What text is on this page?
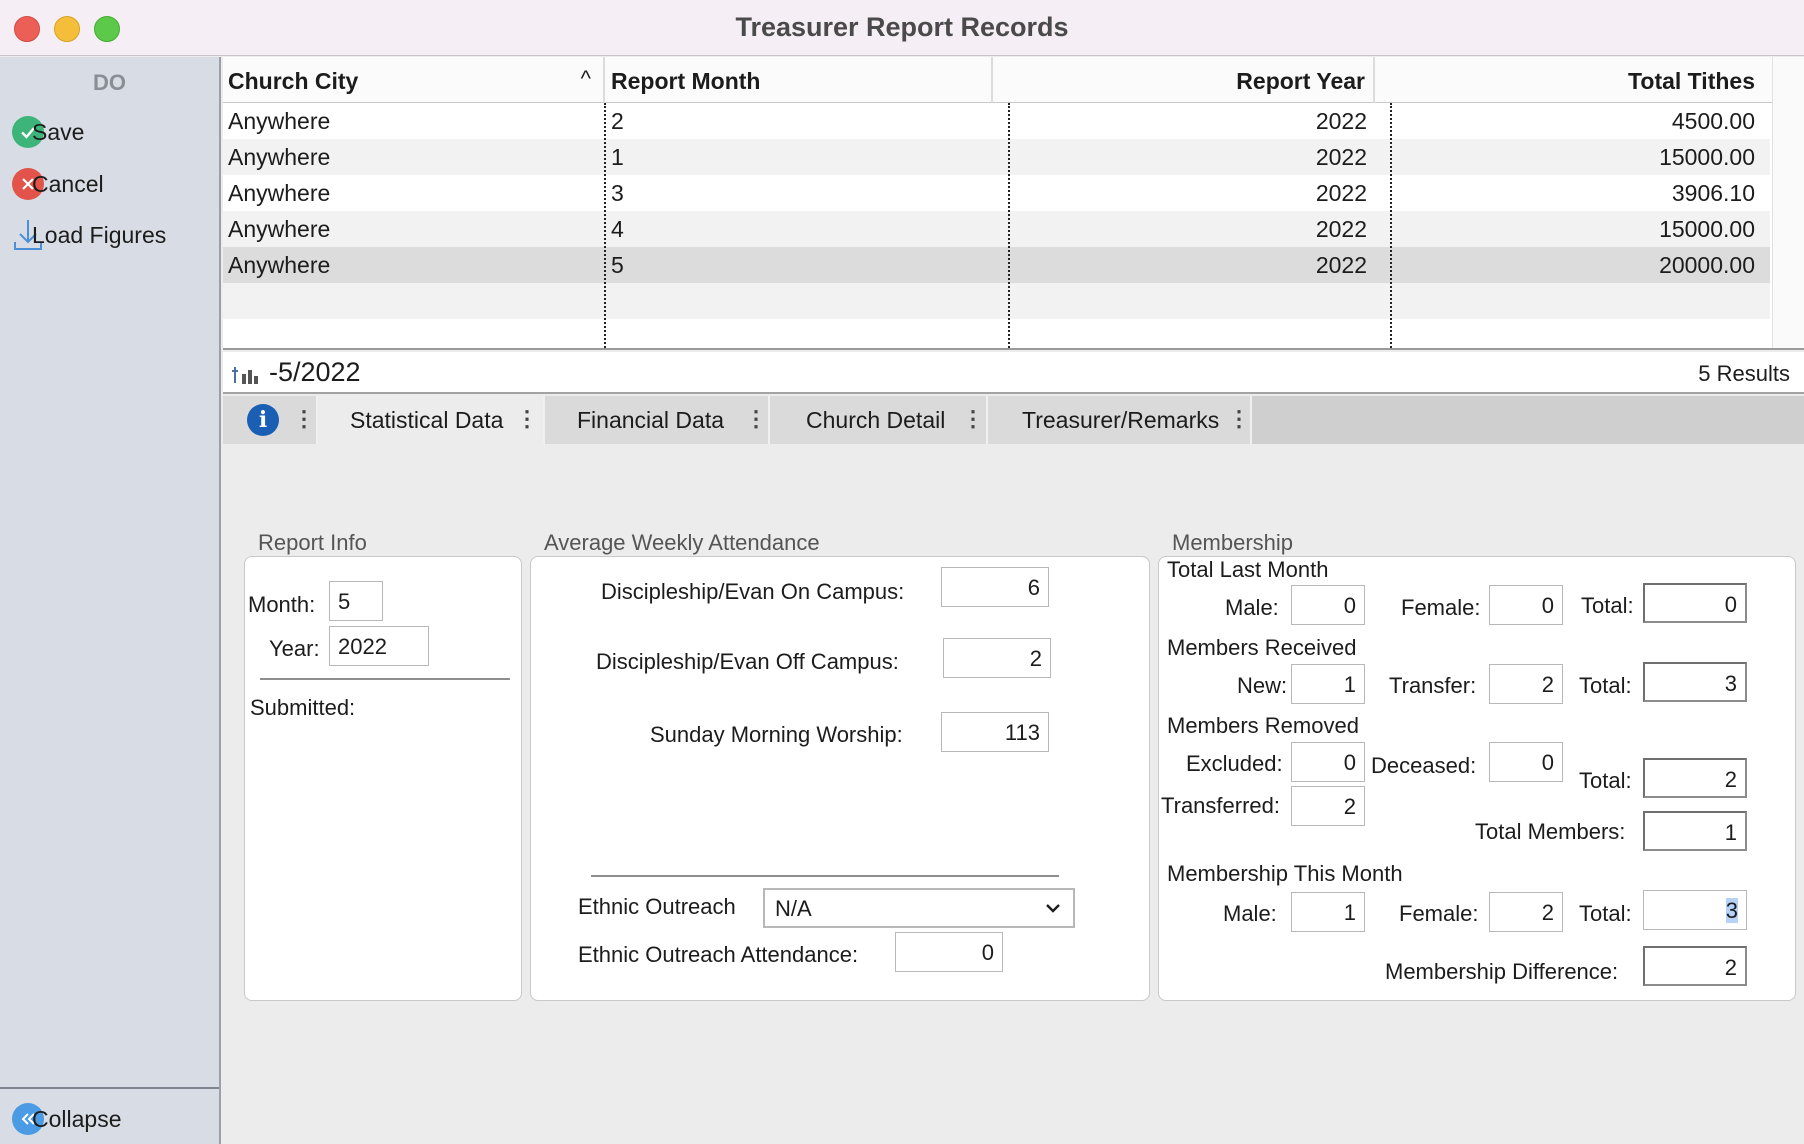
Treasurer Report Records
DO
Save
Cancel
Load Figures
Collapse
Church City	^ Report Month	Report Year	Total Tithes
Anywhere	2	2022	4500.00
Anywhere	1	2022	15000.00
Anywhere	3	2022	3906.10
Anywhere	4	2022	15000.00
Anywhere	5	2022	20000.00
-5/2022	5 Results
i	⋮ Statistical Data ⋮ Financial Data ⋮ Church Detail ⋮ Treasurer/Remarks ⋮
Report Info
Month:	5
Year: 2022
Submitted:
Average Weekly Attendance
Discipleship/Evan On Campus:	6
Discipleship/Evan Off Campus:	2
Sunday Morning Worship:	113
Ethnic Outreach	N/A
Ethnic Outreach Attendance:	0
Membership
Total Last Month
Male:	0	Female:	0	Total:	0
Members Received
New:	1	Transfer:	2	Total:	3
Members Removed
Excluded:	0 Deceased:	0
Total:	2
Transferred:	2
Total Members:	1
Membership This Month
Male:	1	Female:	2	Total:	3
Membership Difference:	2
